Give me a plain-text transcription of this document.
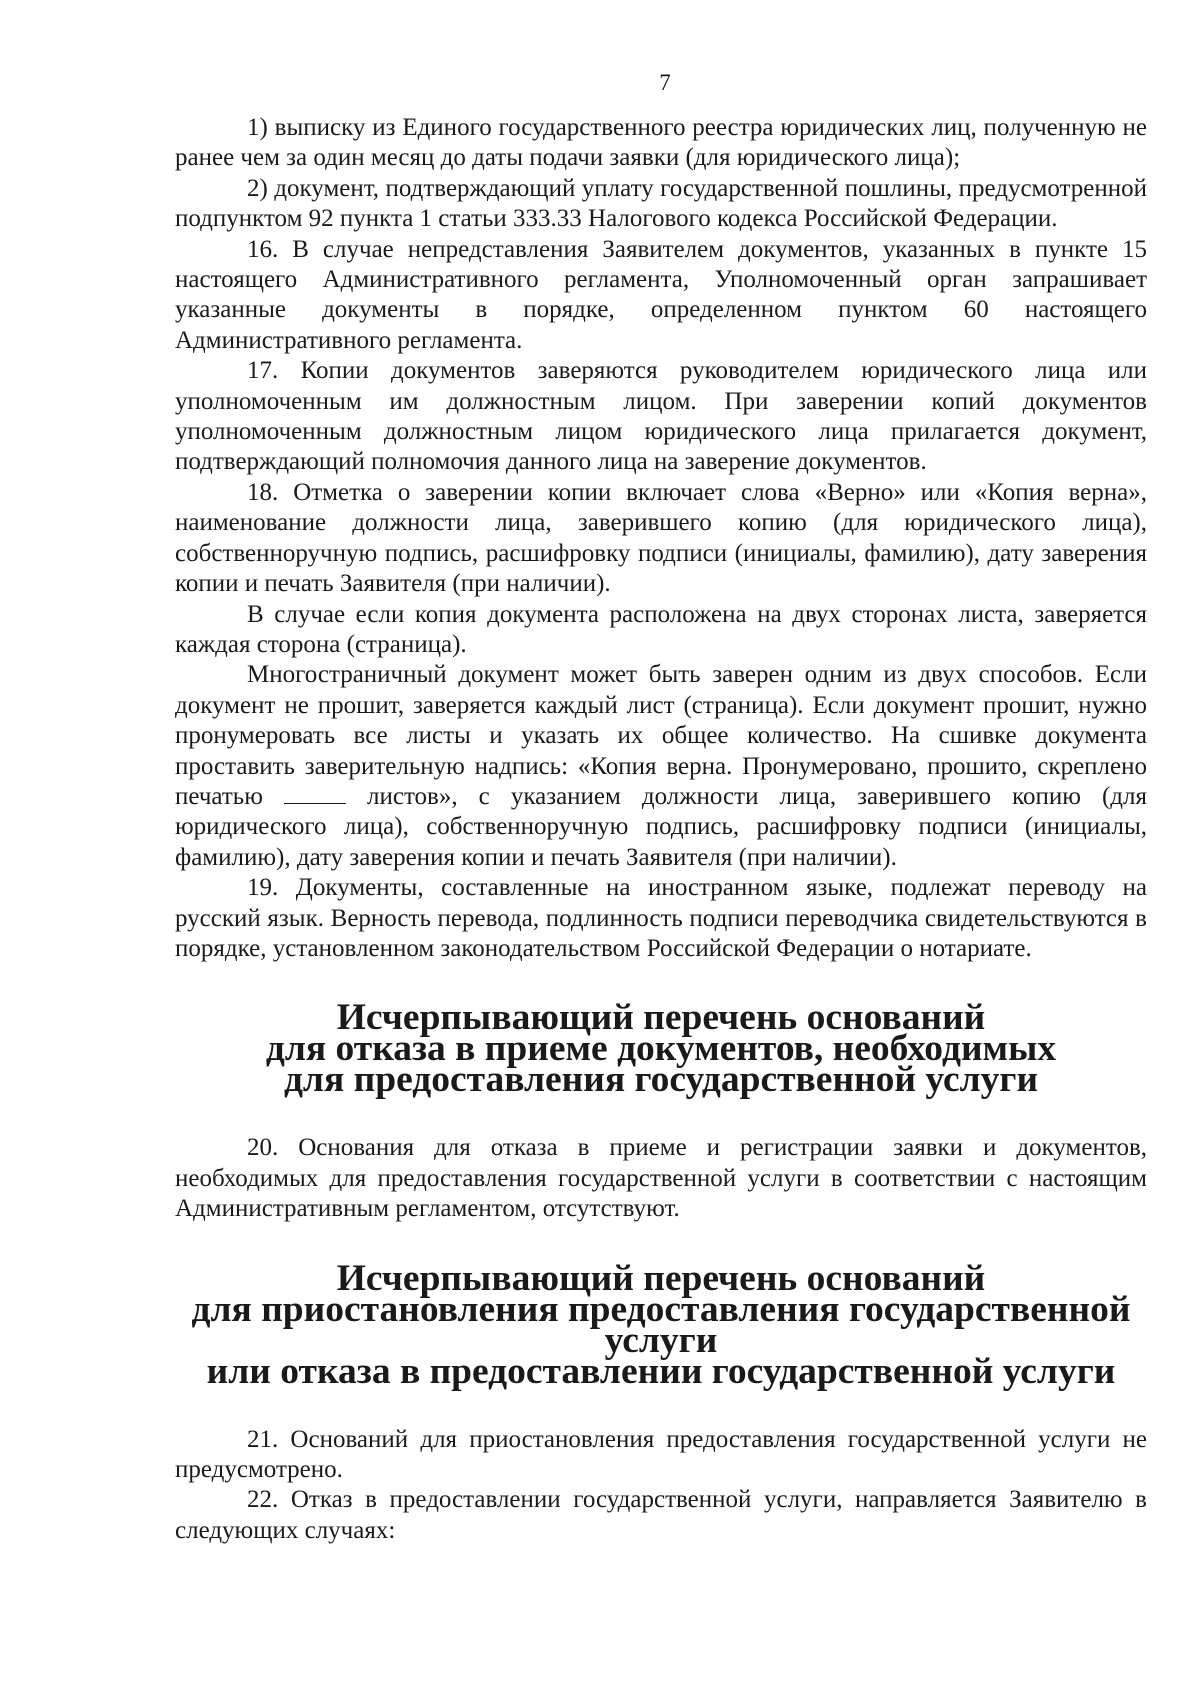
7

1) выписку из Единого государственного реестра юридических лиц, полученную не ранее чем за один месяц до даты подачи заявки (для юридического лица);

2) документ, подтверждающий уплату государственной пошлины, предусмотренной подпунктом 92 пункта 1 статьи 333.33 Налогового кодекса Российской Федерации.

16. В случае непредставления Заявителем документов, указанных в пункте 15 настоящего Административного регламента, Уполномоченный орган запрашивает указанные документы в порядке, определенном пунктом 60 настоящего Административного регламента.

17. Копии документов заверяются руководителем юридического лица или уполномоченным им должностным лицом. При заверении копий документов уполномоченным должностным лицом юридического лица прилагается документ, подтверждающий полномочия данного лица на заверение документов.

18. Отметка о заверении копии включает слова «Верно» или «Копия верна», наименование должности лица, заверившего копию (для юридического лица), собственноручную подпись, расшифровку подписи (инициалы, фамилию), дату заверения копии и печать Заявителя (при наличии).

В случае если копия документа расположена на двух сторонах листа, заверяется каждая сторона (страница).

Многостраничный документ может быть заверен одним из двух способов. Если документ не прошит, заверяется каждый лист (страница). Если документ прошит, нужно пронумеровать все листы и указать их общее количество. На сшивке документа проставить заверительную надпись: «Копия верна. Пронумеровано, прошито, скреплено печатью  листов», с указанием должности лица, заверившего копию (для юридического лица), собственноручную подпись, расшифровку подписи (инициалы, фамилию), дату заверения копии и печать Заявителя (при наличии).

19. Документы, составленные на иностранном языке, подлежат переводу на русский язык. Верность перевода, подлинность подписи переводчика свидетельствуются в порядке, установленном законодательством Российской Федерации о нотариате.

Исчерпывающий перечень оснований
для отказа в приеме документов, необходимых
для предоставления государственной услуги

20. Основания для отказа в приеме и регистрации заявки и документов, необходимых для предоставления государственной услуги в соответствии с настоящим Административным регламентом, отсутствуют.

Исчерпывающий перечень оснований
для приостановления предоставления государственной услуги
или отказа в предоставлении государственной услуги

21. Оснований для приостановления предоставления государственной услуги не предусмотрено.

22. Отказ в предоставлении государственной услуги, направляется Заявителю в следующих случаях:
